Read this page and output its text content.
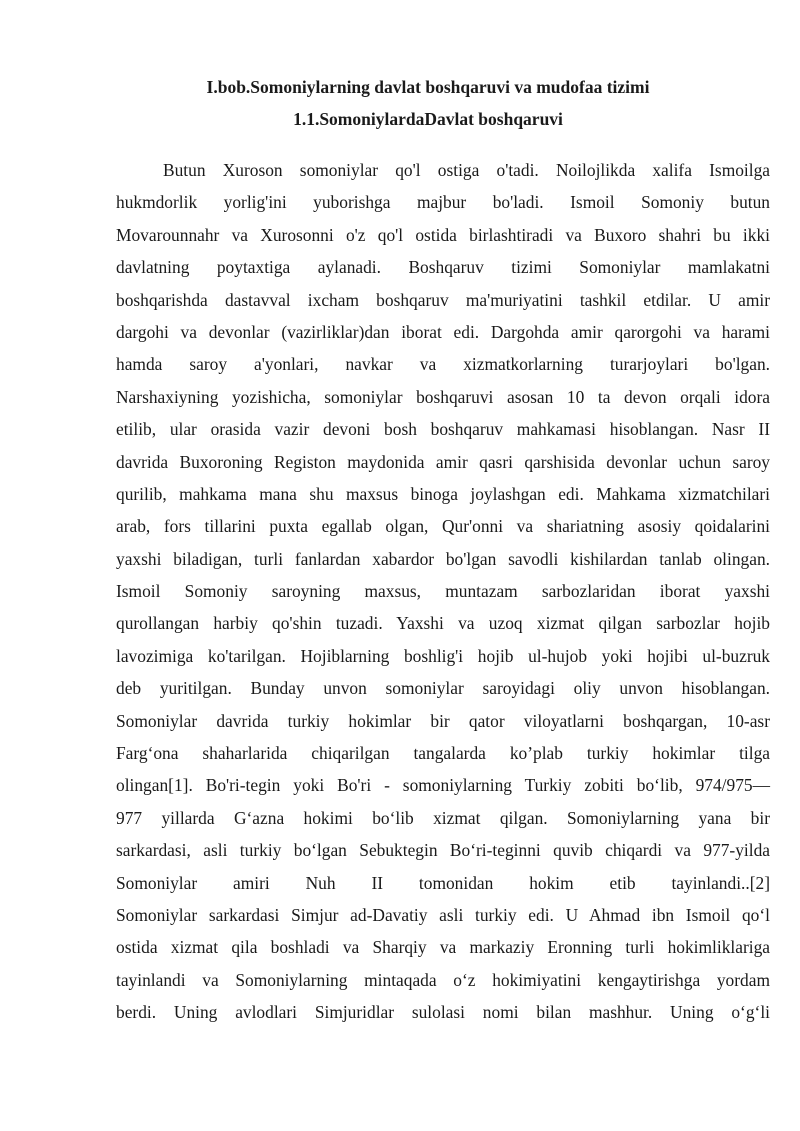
I.bob.Somoniylarning davlat boshqaruvi va mudofaa tizimi
1.1.SomoniylardaDavlat boshqaruvi
Butun Xuroson somoniylar qo'l ostiga o'tadi. Noilojlikda xalifa Ismoilga
hukmdorlik yorlig'ini yuborishga majbur bo'ladi. Ismoil Somoniy butun
Movarounnahr va Xurosonni o'z qo'l ostida birlashtiradi va Buxoro shahri bu ikki
davlatning poytaxtiga aylanadi. Boshqaruv tizimi Somoniylar mamlakatni
boshqarishda dastavval ixcham boshqaruv ma'muriyatini tashkil etdilar. U amir
dargohi va devonlar (vazirliklar)dan iborat edi. Dargohda amir qarorgohi va harami
hamda saroy a'yonlari, navkar va xizmatkorlarning turarjoylari bo'lgan.
Narshaxiyning yozishicha, somoniylar boshqaruvi asosan 10 ta devon orqali idora
etilib, ular orasida vazir devoni bosh boshqaruv mahkamasi hisoblangan. Nasr II
davrida Buxoroning Registon maydonida amir qasri qarshisida devonlar uchun saroy
qurilib, mahkama mana shu maxsus binoga joylashgan edi. Mahkama xizmatchilari
arab, fors tillarini puxta egallab olgan, Qur'onni va shariatning asosiy qoidalarini
yaxshi biladigan, turli fanlardan xabardor bo'lgan savodli kishilardan tanlab olingan.
Ismoil Somoniy saroyning maxsus, muntazam sarbozlaridan iborat yaxshi
qurollangan harbiy qo'shin tuzadi. Yaxshi va uzoq xizmat qilgan sarbozlar hojib
lavozimiga ko'tarilgan. Hojiblarning boshlig'i hojib ul-hujob yoki hojibi ul-buzruk
deb yuritilgan. Bunday unvon somoniylar saroyidagi oliy unvon hisoblangan.
Somoniylar davrida turkiy hokimlar bir qator viloyatlarni boshqargan, 10-asr
Farg‘ona shaharlarida chiqarilgan tangalarda ko’plab turkiy hokimlar tilga
olingan[1]. Bo'ri-tegin yoki Bo'ri - somoniylarning Turkiy zobiti bo‘lib, 974/975—
977 yillarda G‘azna hokimi bo‘lib xizmat qilgan. Somoniylarning yana bir
sarkardasi, asli turkiy bo‘lgan Sebuktegin Bo‘ri-teginni quvib chiqardi va 977-yilda
Somoniylar amiri Nuh II tomonidan hokim etib tayinlandi..[2]
Somoniylar sarkardasi Simjur ad-Davatiy asli turkiy edi. U Ahmad ibn Ismoil qo‘l
ostida xizmat qila boshladi va Sharqiy va markaziy Eronning turli hokimliklariga
tayinlandi va Somoniylarning mintaqada o‘z hokimiyatini kengaytirishga yordam
berdi. Uning avlodlari Simjuridlar sulolasi nomi bilan mashhur. Uning o‘g‘li
